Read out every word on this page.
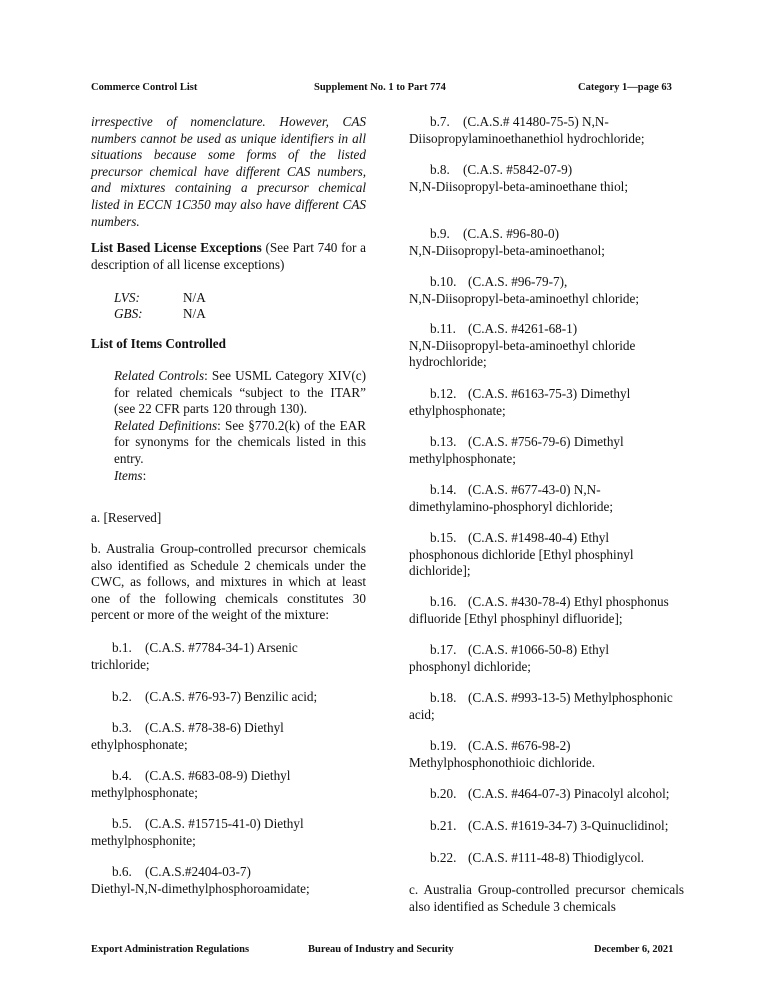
Commerce Control List	Supplement No. 1 to Part 774	Category 1—page 63
irrespective of nomenclature. However, CAS numbers cannot be used as unique identifiers in all situations because some forms of the listed precursor chemical have different CAS numbers, and mixtures containing a precursor chemical listed in ECCN 1C350 may also have different CAS numbers.
List Based License Exceptions (See Part 740 for a description of all license exceptions)
LVS:	N/A
GBS:	N/A
List of Items Controlled
Related Controls: See USML Category XIV(c) for related chemicals “subject to the ITAR” (see 22 CFR parts 120 through 130).
Related Definitions: See §770.2(k) of the EAR for synonyms for the chemicals listed in this entry.
Items:
a. [Reserved]
b. Australia Group-controlled precursor chemicals also identified as Schedule 2 chemicals under the CWC, as follows, and mixtures in which at least one of the following chemicals constitutes 30 percent or more of the weight of the mixture:
b.1. (C.A.S. #7784-34-1) Arsenic
trichloride;
b.2. (C.A.S. #76-93-7) Benzilic acid;
b.3. (C.A.S. #78-38-6) Diethyl
ethylphosphonate;
b.4. (C.A.S. #683-08-9) Diethyl
methylphosphonate;
b.5. (C.A.S. #15715-41-0) Diethyl
methylphosphonite;
b.6. (C.A.S.#2404-03-7)
Diethyl-N,N-dimethylphosphoroamidate;
b.7. (C.A.S.# 41480-75-5) N,N-
Diisopropylaminoethanethiol hydrochloride;
b.8. (C.A.S. #5842-07-9)
N,N-Diisopropyl-beta-aminoethane thiol;
b.9. (C.A.S. #96-80-0)
N,N-Diisopropyl-beta-aminoethanol;
b.10. (C.A.S. #96-79-7),
N,N-Diisopropyl-beta-aminoethyl chloride;
b.11. (C.A.S. #4261-68-1)
N,N-Diisopropyl-beta-aminoethyl chloride
hydrochloride;
b.12. (C.A.S. #6163-75-3) Dimethyl
ethylphosphonate;
b.13. (C.A.S. #756-79-6) Dimethyl
methylphosphonate;
b.14. (C.A.S. #677-43-0) N,N-
dimethylamino-phosphoryl dichloride;
b.15. (C.A.S. #1498-40-4) Ethyl
phosphonous dichloride [Ethyl phosphinyl
dichloride];
b.16. (C.A.S. #430-78-4) Ethyl phosphonus
difluoride [Ethyl phosphinyl difluoride];
b.17. (C.A.S. #1066-50-8) Ethyl
phosphonyl dichloride;
b.18. (C.A.S. #993-13-5) Methylphosphonic
acid;
b.19. (C.A.S. #676-98-2)
Methylphosphonothioic dichloride.
b.20. (C.A.S. #464-07-3) Pinacolyl alcohol;
b.21. (C.A.S. #1619-34-7) 3-Quinuclidinol;
b.22. (C.A.S. #111-48-8) Thiodiglycol.
c. Australia Group-controlled precursor chemicals also identified as Schedule 3 chemicals
Export Administration Regulations	Bureau of Industry and Security	December 6, 2021
